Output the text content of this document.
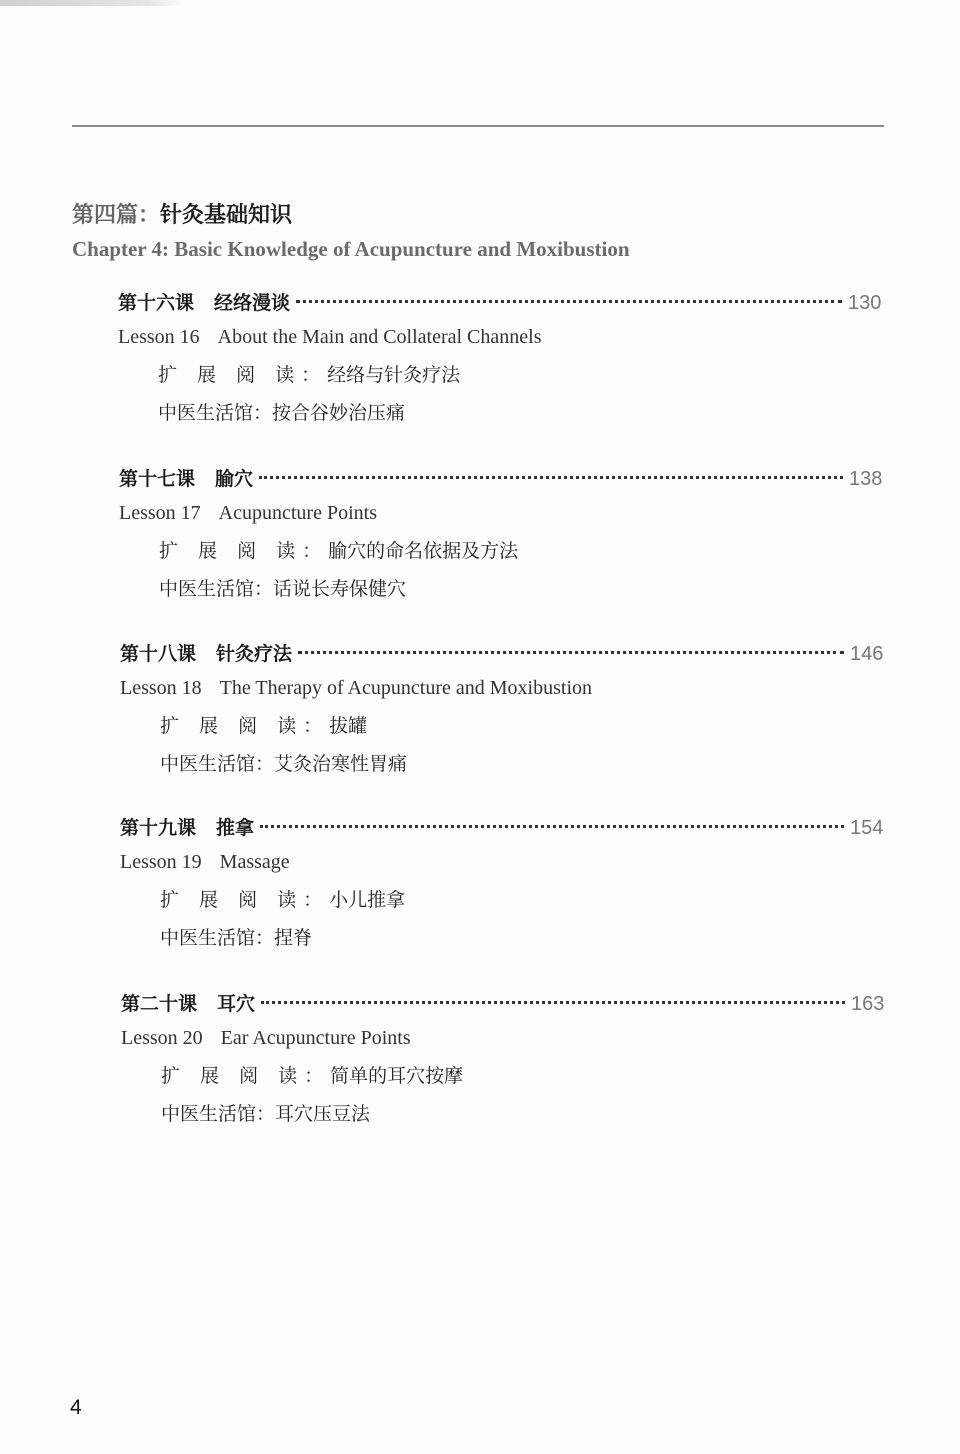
第四篇：针灸基础知识
Chapter 4: Basic Knowledge of Acupuncture and Moxibustion
第十六课 经络漫谈	130
Lesson 16 About the Main and Collateral Channels
扩 展 阅 读：经络与针灸疗法
中医生活馆：按合谷妙治压痛
第十七课 腧穴	138
Lesson 17 Acupuncture Points
扩 展 阅 读：腧穴的命名依据及方法
中医生活馆：话说长寿保健穴
第十八课 针灸疗法	146
Lesson 18 The Therapy of Acupuncture and Moxibustion
扩 展 阅 读：拔罐
中医生活馆：艾灸治寒性胃痛
第十九课 推拿	154
Lesson 19 Massage
扩 展 阅 读：小儿推拿
中医生活馆：捏脊
第二十课 耳穴	163
Lesson 20 Ear Acupuncture Points
扩 展 阅 读：简单的耳穴按摩
中医生活馆：耳穴压豆法
4
